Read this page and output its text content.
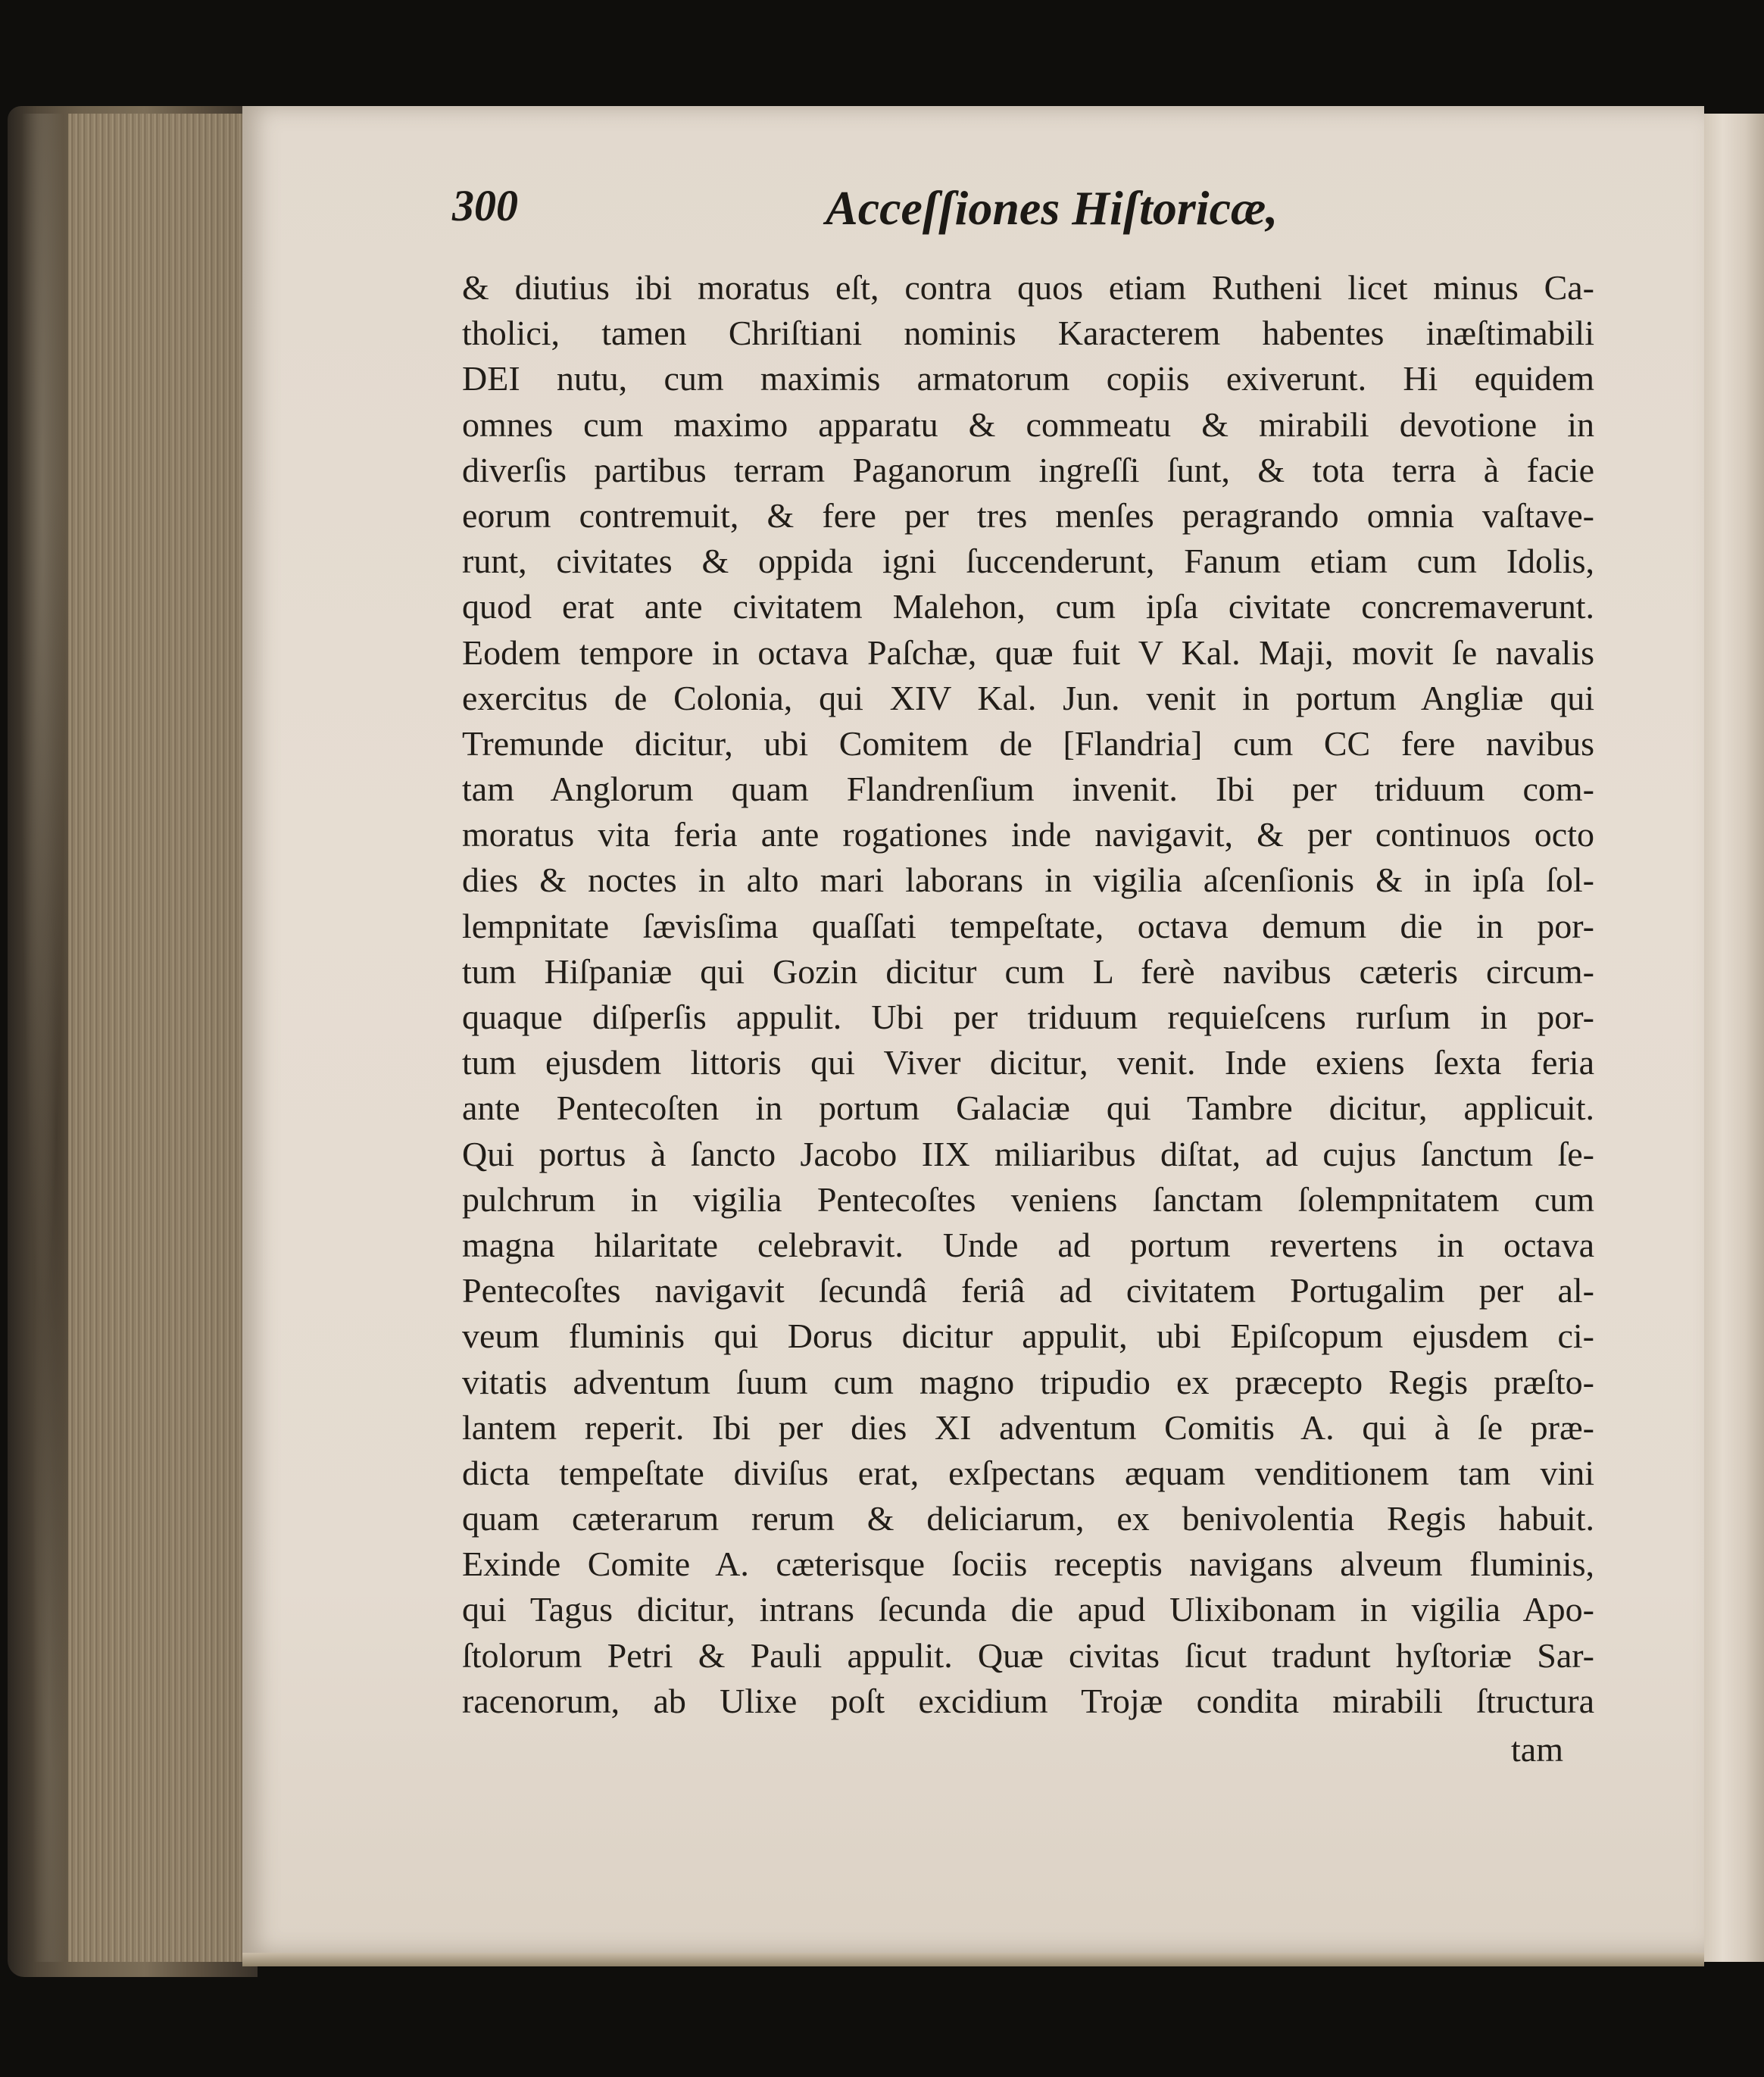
300	Acceſſiones Hiſtoricæ,
& diutius ibi moratus eſt, contra quos etiam Rutheni licet minus Ca-
tholici, tamen Chriſtiani nominis Karacterem habentes inæſtimabili
DEI nutu, cum maximis armatorum copiis exiverunt. Hi equidem
omnes cum maximo apparatu & commeatu & mirabili devotione in
diverſis partibus terram Paganorum ingreſſi ſunt, & tota terra à facie
eorum contremuit, & fere per tres menſes peragrando omnia vaſtave-
runt, civitates & oppida igni ſuccenderunt, Fanum etiam cum Idolis,
quod erat ante civitatem Malehon, cum ipſa civitate concremaverunt.
Eodem tempore in octava Paſchæ, quæ fuit V Kal. Maji, movit ſe navalis
exercitus de Colonia, qui XIV Kal. Jun. venit in portum Angliæ qui
Tremunde dicitur, ubi Comitem de [Flandria] cum CC fere navibus
tam Anglorum quam Flandrenſium invenit. Ibi per triduum com-
moratus vita feria ante rogationes inde navigavit, & per continuos octo
dies & noctes in alto mari laborans in vigilia aſcenſionis & in ipſa ſol-
lempnitate ſævisſima quaſſati tempeſtate, octava demum die in por-
tum Hiſpaniæ qui Gozin dicitur cum L ferè navibus cæteris circum-
quaque diſperſis appulit. Ubi per triduum requieſcens rurſum in por-
tum ejusdem littoris qui Viver dicitur, venit. Inde exiens ſexta feria
ante Pentecoſten in portum Galaciæ qui Tambre dicitur, applicuit.
Qui portus à ſancto Jacobo IIX miliaribus diſtat, ad cujus ſanctum ſe-
pulchrum in vigilia Pentecoſtes veniens ſanctam ſolempnitatem cum
magna hilaritate celebravit. Unde ad portum revertens in octava
Pentecoſtes navigavit ſecundâ feriâ ad civitatem Portugalim per al-
veum fluminis qui Dorus dicitur appulit, ubi Epiſcopum ejusdem ci-
vitatis adventum ſuum cum magno tripudio ex præcepto Regis præſto-
lantem reperit. Ibi per dies XI adventum Comitis A. qui à ſe præ-
dicta tempeſtate diviſus erat, exſpectans æquam venditionem tam vini
quam cæterarum rerum & deliciarum, ex benivolentia Regis habuit.
Exinde Comite A. cæterisque ſociis receptis navigans alveum fluminis,
qui Tagus dicitur, intrans ſecunda die apud Ulixibonam in vigilia Apo-
ſtolorum Petri & Pauli appulit. Quæ civitas ſicut tradunt hyſtoriæ Sar-
racenorum, ab Ulixe poſt excidium Trojæ condita mirabili ſtructura
tam
